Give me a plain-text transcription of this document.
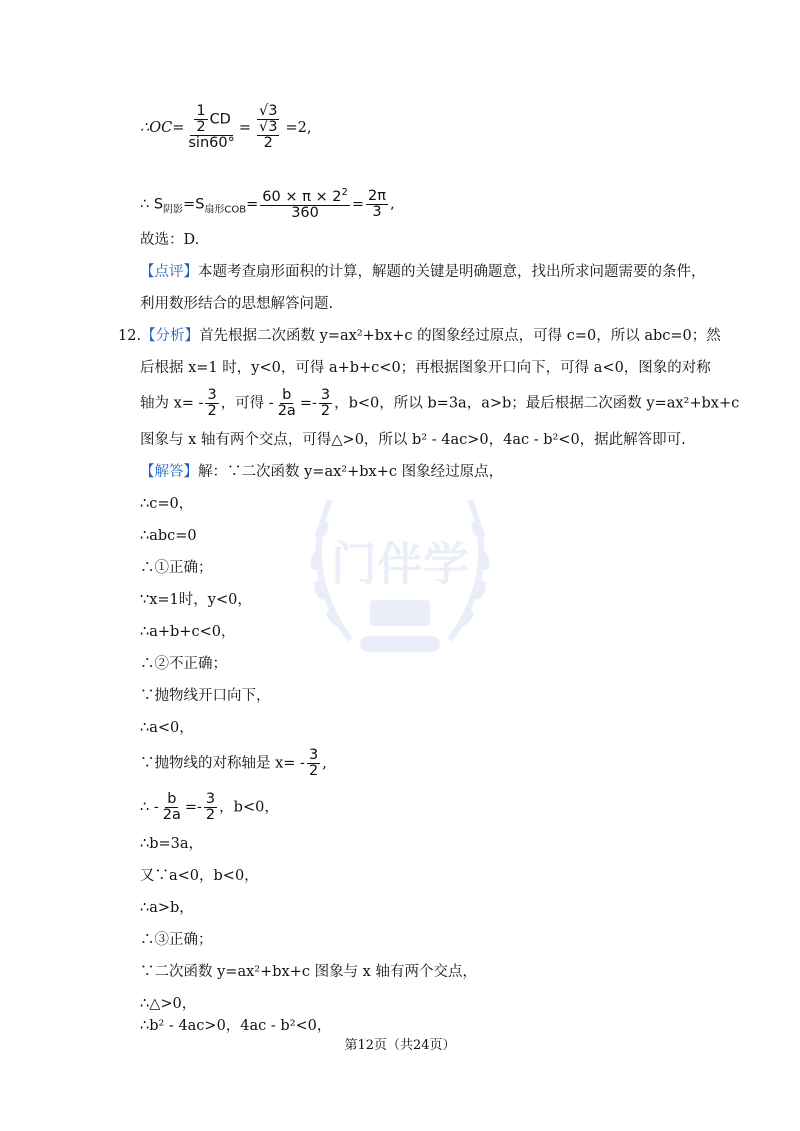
门伴学
∴OC= $\frac{\frac{1}{2} CD}{\sin 60^\circ} = \frac{√3}{\frac{√3}{2}} =2$,
∴ $S_{阴影}=S_{扇形COB}= \frac{60 \times \pi \times 2^2}{360} = \frac{2\pi}{3}$ ,
故选：D.
【点评】本题考查扇形面积的计算，解题的关键是明确题意，找出所求问题需要的条件，
利用数形结合的思想解答问题.
12.【分析】首先根据二次函数 y=ax²+bx+c 的图象经过原点，可得 c=0，所以 abc=0；然
后根据 x=1 时，y<0，可得 a+b+c<0；再根据图象开口向下，可得 a<0，图象的对称
轴为 $x= - \frac{3}{2}$ ，可得 - $\frac{b}{2a} =- \frac{3}{2}$ ，b<0，所以 b=3a，a>b；最后根据二次函数 y=ax²+bx+c
图象与 x 轴有两个交点，可得△>0，所以 b² - 4ac>0，4ac - b²<0，据此解答即可.
【解答】解：∵二次函数 y=ax²+bx+c 图象经过原点，
∴c=0，
∴abc=0
∴①正确；
∵x=1时，y<0，
∴a+b+c<0，
∴②不正确；
∵抛物线开口向下，
∴a<0，
∵抛物线的对称轴是 $x= - \frac{3}{2}$ ,
∴ - $\frac{b}{2a} =- \frac{3}{2}$ ，b<0，
∴b=3a，
又∵a<0，b<0，
∴a>b，
∴③正确；
∵二次函数 y=ax²+bx+c 图象与 x 轴有两个交点，
∴△>0，
∴b² - 4ac>0，4ac - b²<0，
第12页（共24页）
